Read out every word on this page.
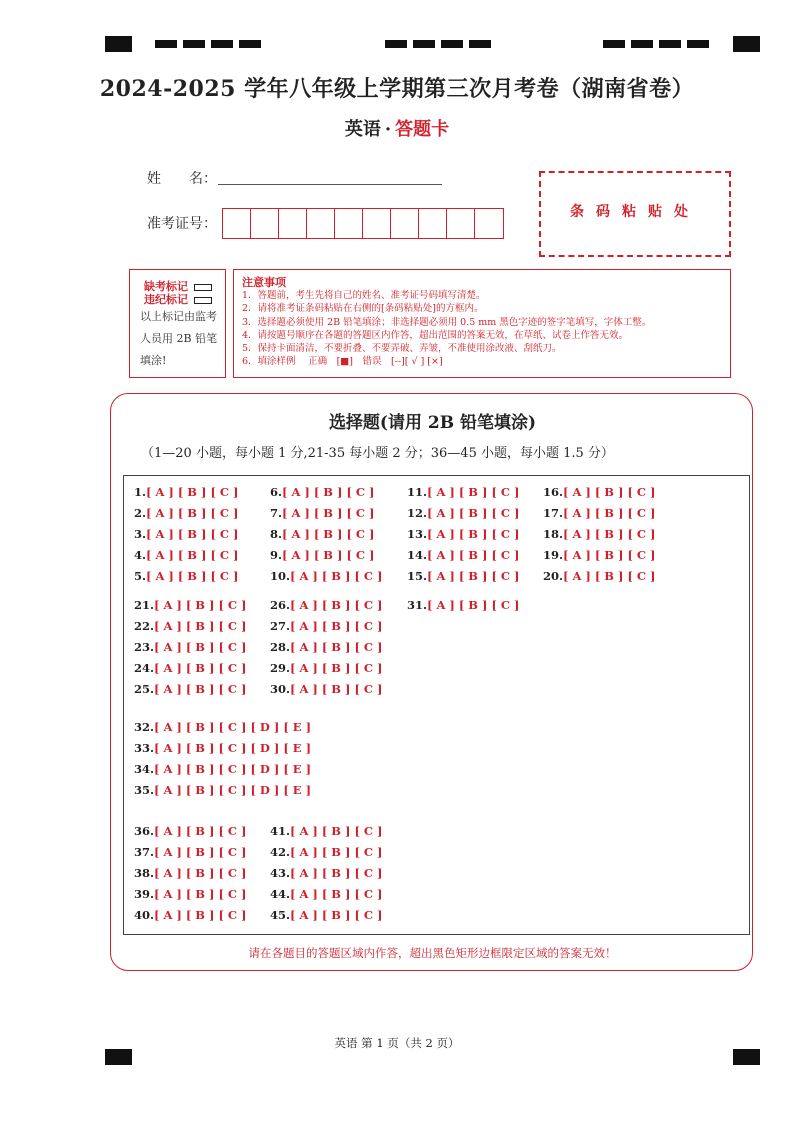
2024-2025 学年八年级上学期第三次月考卷（湖南省卷）
英语 · 答题卡
姓　　名：
准考证号：
条码粘贴处
缺考标记
违纪标记
以上标记由监考人员用 2B 铅笔填涂!
注意事项
1．答题前，考生先将自己的姓名、准考证号码填写清楚。
2．请将准考证条码粘贴在右侧的[条码粘贴处]的方框内。
3．选择题必须使用 2B 铅笔填涂；非选择题必须用 0.5 mm 黑色字迹的签字笔填写，字体工整。
4．请按题号顺序在各题的答题区内作答，超出范围的答案无效，在草纸、试卷上作答无效。
5．保持卡面清洁，不要折叠、不要弄破、弄皱，不准使用涂改液、刮纸刀。
6．填涂样例　 正确　[■]　错误　[--][ √ ] [×]
选择题(请用 2B 铅笔填涂)
（1—20 小题，每小题 1 分,21-35 每小题 2 分；36—45 小题，每小题 1.5 分）
1.[ A ] [ B ] [ C ]
2.[ A ] [ B ] [ C ]
3.[ A ] [ B ] [ C ]
4.[ A ] [ B ] [ C ]
5.[ A ] [ B ] [ C ]
6.[ A ] [ B ] [ C ]
7.[ A ] [ B ] [ C ]
8.[ A ] [ B ] [ C ]
9.[ A ] [ B ] [ C ]
10.[ A ] [ B ] [ C ]
11.[ A ] [ B ] [ C ]
12.[ A ] [ B ] [ C ]
13.[ A ] [ B ] [ C ]
14.[ A ] [ B ] [ C ]
15.[ A ] [ B ] [ C ]
16.[ A ] [ B ] [ C ]
17.[ A ] [ B ] [ C ]
18.[ A ] [ B ] [ C ]
19.[ A ] [ B ] [ C ]
20.[ A ] [ B ] [ C ]
21.[ A ] [ B ] [ C ]
22.[ A ] [ B ] [ C ]
23.[ A ] [ B ] [ C ]
24.[ A ] [ B ] [ C ]
25.[ A ] [ B ] [ C ]
26.[ A ] [ B ] [ C ]
27.[ A ] [ B ] [ C ]
28.[ A ] [ B ] [ C ]
29.[ A ] [ B ] [ C ]
30.[ A ] [ B ] [ C ]
31.[ A ] [ B ] [ C ]
32.[ A ] [ B ] [ C ] [ D ] [ E ]
33.[ A ] [ B ] [ C ] [ D ] [ E ]
34.[ A ] [ B ] [ C ] [ D ] [ E ]
35.[ A ] [ B ] [ C ] [ D ] [ E ]
36.[ A ] [ B ] [ C ]
37.[ A ] [ B ] [ C ]
38.[ A ] [ B ] [ C ]
39.[ A ] [ B ] [ C ]
40.[ A ] [ B ] [ C ]
41.[ A ] [ B ] [ C ]
42.[ A ] [ B ] [ C ]
43.[ A ] [ B ] [ C ]
44.[ A ] [ B ] [ C ]
45.[ A ] [ B ] [ C ]
请在各题目的答题区域内作答，超出黑色矩形边框限定区域的答案无效！
英语 第 1 页（共 2 页）
